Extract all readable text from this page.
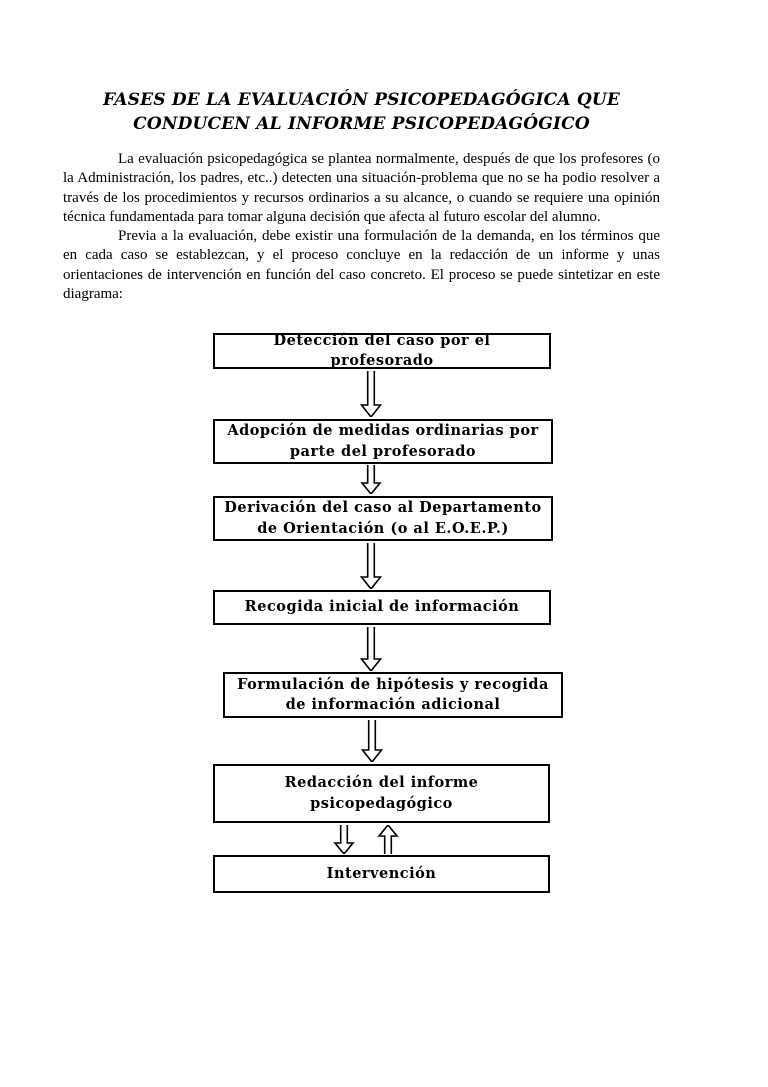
FASES DE LA EVALUACIÓN PSICOPEDAGÓGICA QUE
CONDUCEN AL INFORME PSICOPEDAGÓGICO

La evaluación psicopedagógica se plantea normalmente, después de que los profesores (o la Administración, los padres, etc..) detecten una situación-problema que no se ha podio resolver a través de los procedimientos y recursos ordinarios a su alcance, o cuando se requiere una opinión técnica fundamentada para tomar alguna decisión que afecta al futuro escolar del alumno.

Previa a la evaluación, debe existir una formulación de la demanda, en los términos que en cada caso se establezcan, y el proceso concluye en la redacción de un informe y unas orientaciones de intervención en función del caso concreto. El proceso se puede sintetizar en este diagrama:

Detección del caso por el profesorado
Adopción de medidas ordinarias por parte del profesorado
Derivación del caso al Departamento de Orientación (o al E.O.E.P.)
Recogida inicial de información
Formulación de hipótesis y recogida de información adicional
Redacción del informe psicopedagógico
Intervención
